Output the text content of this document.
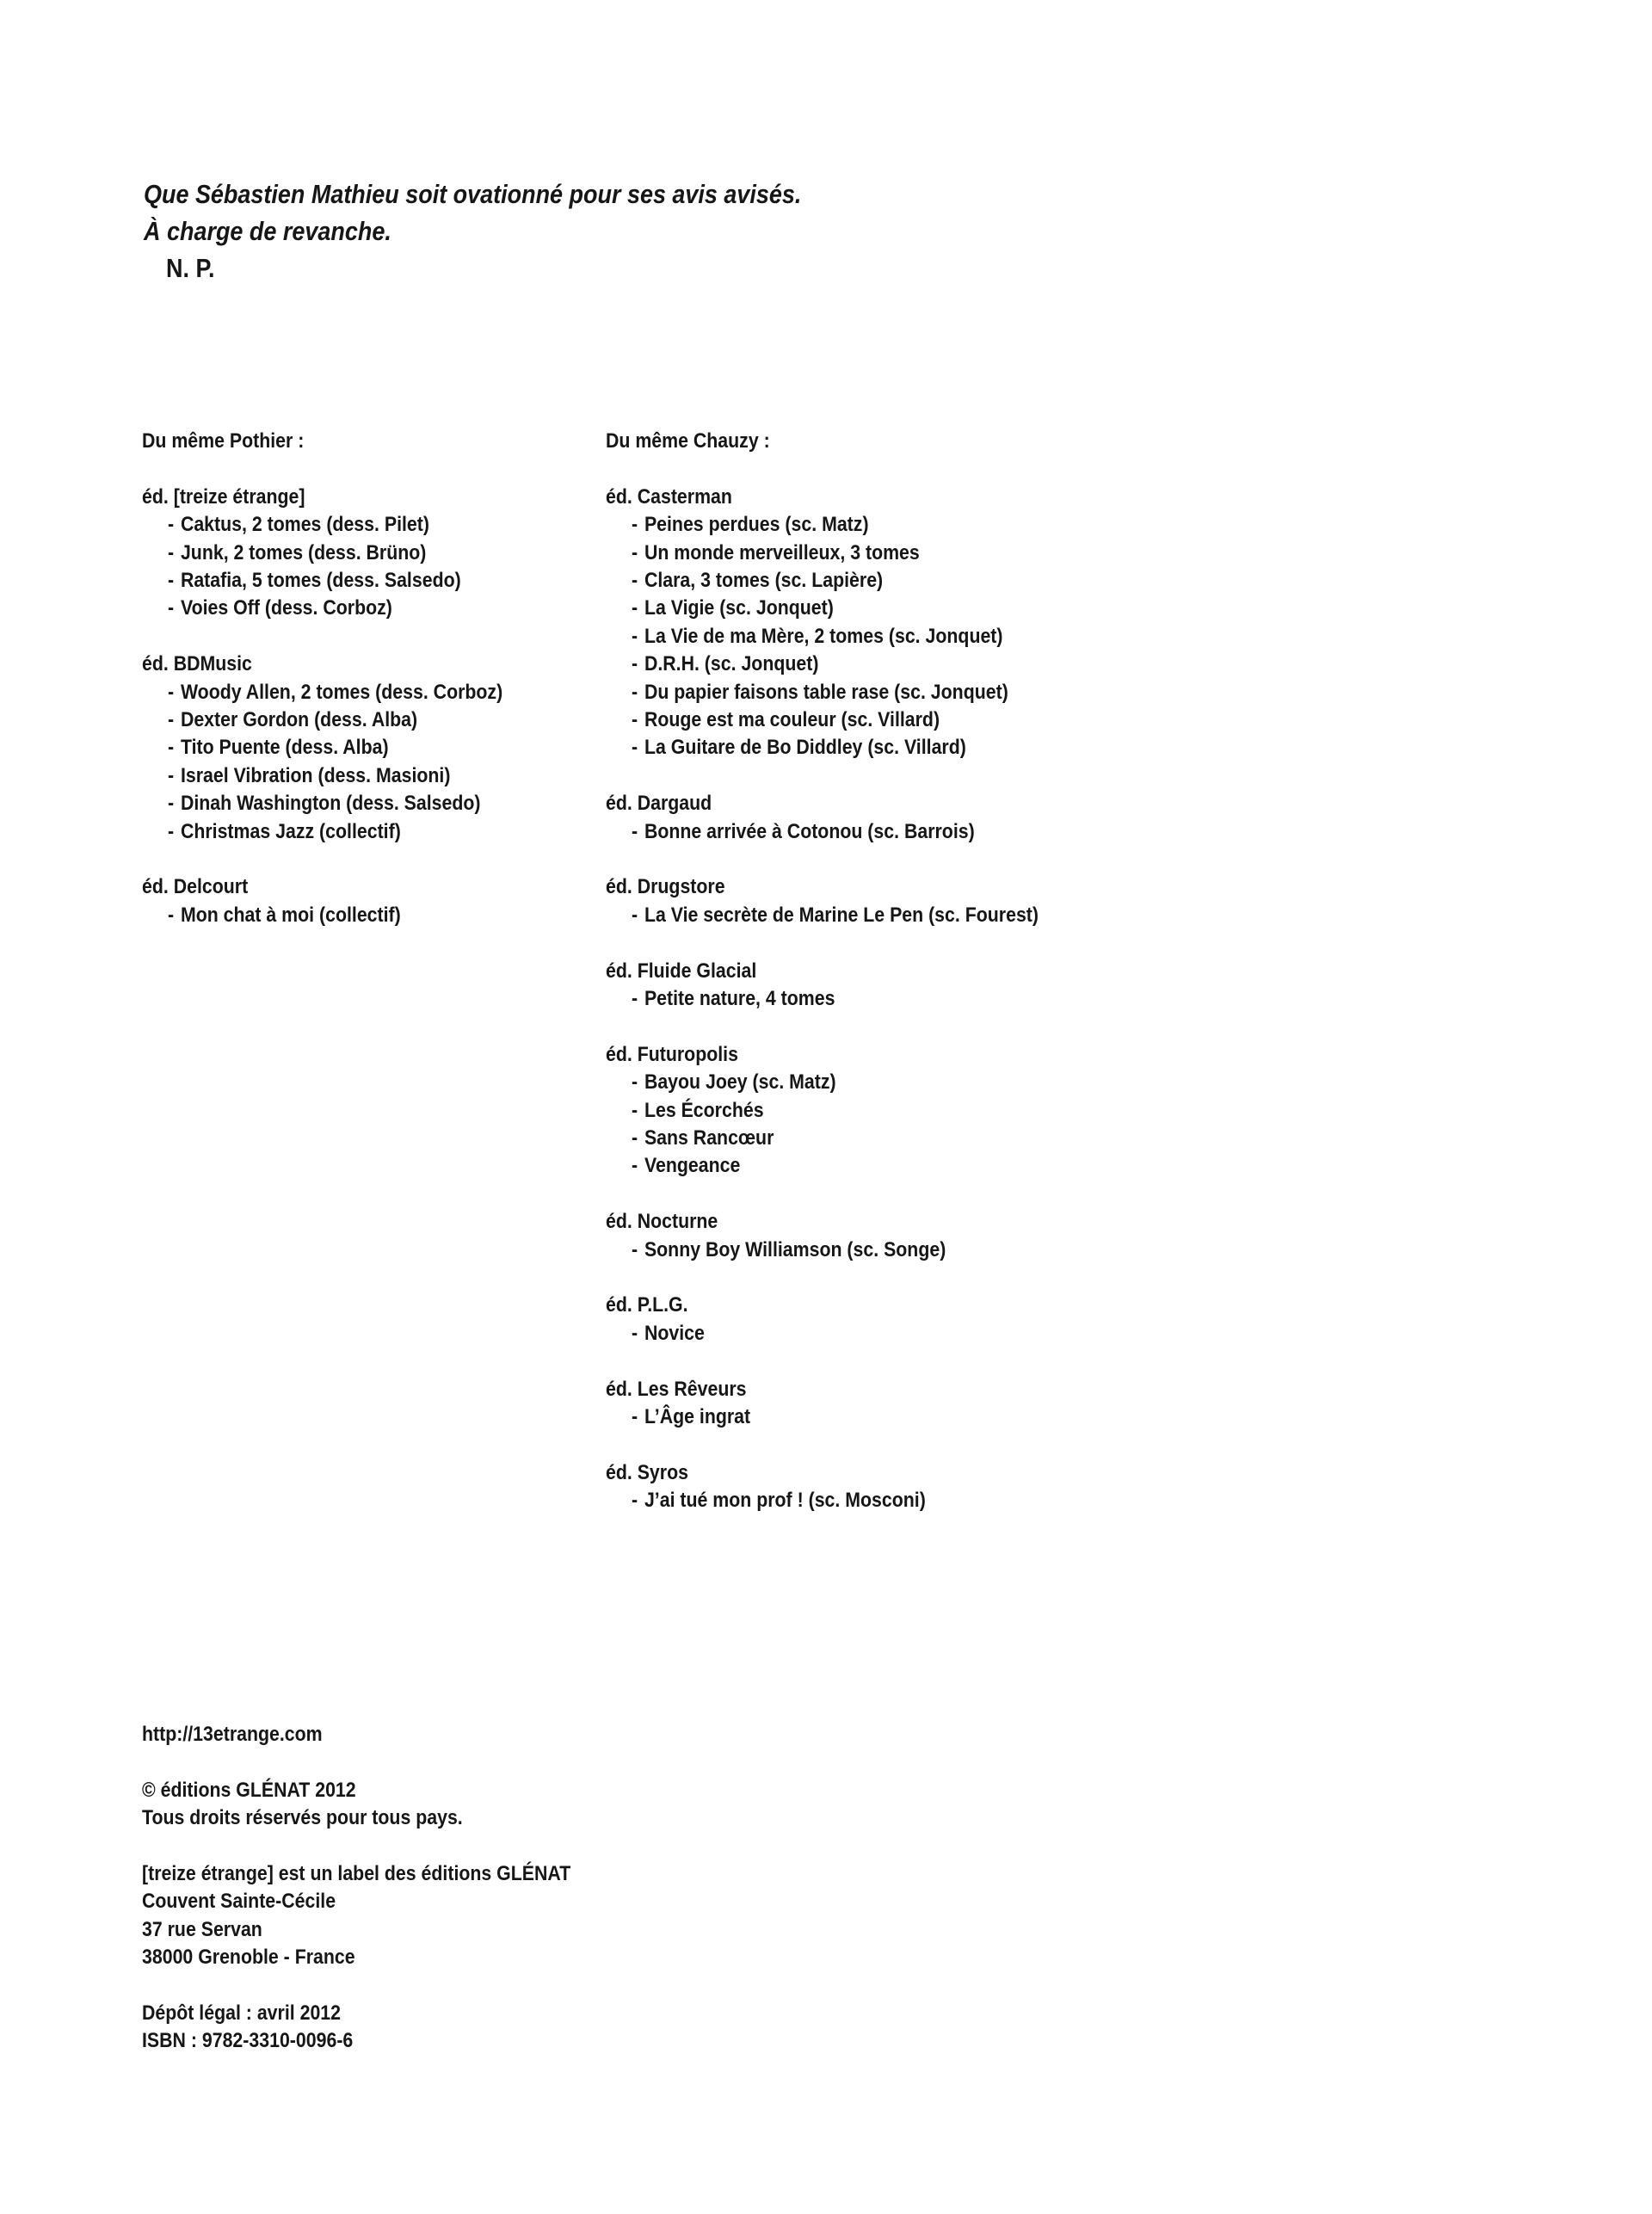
Que Sébastien Mathieu soit ovationné pour ses avis avisés.
À charge de revanche.
N. P.
Du même Pothier :
éd. [treize étrange]
- Caktus, 2 tomes (dess. Pilet)
- Junk, 2 tomes (dess. Brüno)
- Ratafia, 5 tomes (dess. Salsedo)
- Voies Off (dess. Corboz)
éd. BDMusic
- Woody Allen, 2 tomes (dess. Corboz)
- Dexter Gordon (dess. Alba)
- Tito Puente (dess. Alba)
- Israel Vibration (dess. Masioni)
- Dinah Washington (dess. Salsedo)
- Christmas Jazz (collectif)
éd. Delcourt
- Mon chat à moi (collectif)
Du même Chauzy :
éd. Casterman
- Peines perdues (sc. Matz)
- Un monde merveilleux, 3 tomes
- Clara, 3 tomes (sc. Lapière)
- La Vigie (sc. Jonquet)
- La Vie de ma Mère, 2 tomes (sc. Jonquet)
- D.R.H. (sc. Jonquet)
- Du papier faisons table rase (sc. Jonquet)
- Rouge est ma couleur (sc. Villard)
- La Guitare de Bo Diddley (sc. Villard)
éd. Dargaud
- Bonne arrivée à Cotonou (sc. Barrois)
éd. Drugstore
- La Vie secrète de Marine Le Pen (sc. Fourest)
éd. Fluide Glacial
- Petite nature, 4 tomes
éd. Futuropolis
- Bayou Joey (sc. Matz)
- Les Écorchés
- Sans Rancœur
- Vengeance
éd. Nocturne
- Sonny Boy Williamson (sc. Songe)
éd. P.L.G.
- Novice
éd. Les Rêveurs
- L’Âge ingrat
éd. Syros
- J’ai tué mon prof ! (sc. Mosconi)
http://13etrange.com
© éditions GLÉNAT 2012
Tous droits réservés pour tous pays.
[treize étrange] est un label des éditions GLÉNAT
Couvent Sainte-Cécile
37 rue Servan
38000 Grenoble - France
Dépôt légal : avril 2012
ISBN : 9782-3310-0096-6
